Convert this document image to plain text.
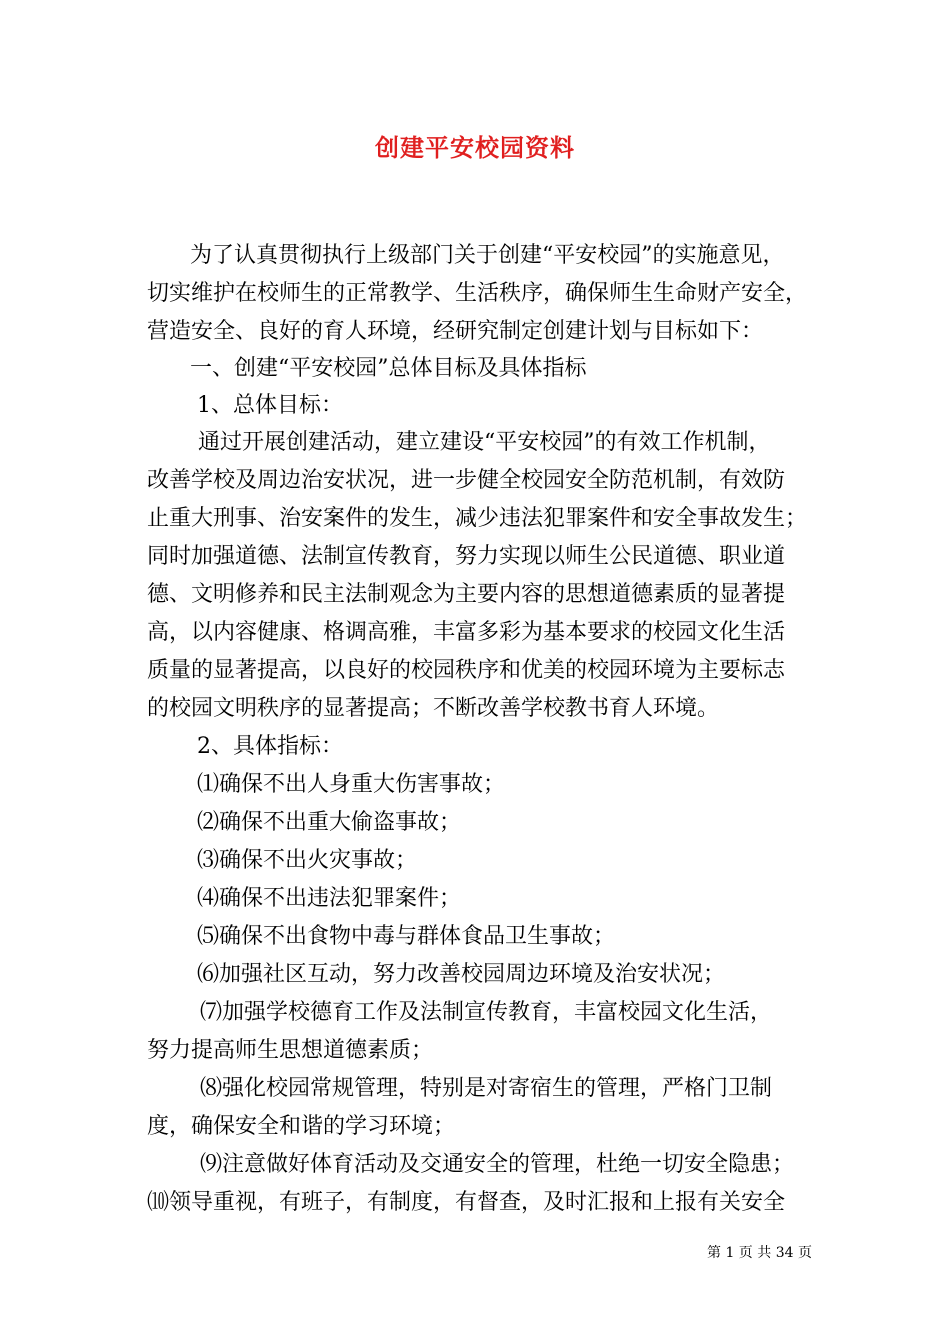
创建平安校园资料

为了认真贯彻执行上级部门关于创建“平安校园”的实施意见，

切实维护在校师生的正常教学、生活秩序，确保师生生命财产安全，

营造安全、良好的育人环境，经研究制定创建计划与目标如下：

一、创建“平安校园”总体目标及具体指标

1、总体目标：

通过开展创建活动，建立建设“平安校园”的有效工作机制，

改善学校及周边治安状况，进一步健全校园安全防范机制，有效防

止重大刑事、治安案件的发生，减少违法犯罪案件和安全事故发生；

同时加强道德、法制宣传教育，努力实现以师生公民道德、职业道

德、文明修养和民主法制观念为主要内容的思想道德素质的显著提

高，以内容健康、格调高雅，丰富多彩为基本要求的校园文化生活

质量的显著提高，以良好的校园秩序和优美的校园环境为主要标志

的校园文明秩序的显著提高；不断改善学校教书育人环境。

2、具体指标：

⑴确保不出人身重大伤害事故；

⑵确保不出重大偷盗事故；

⑶确保不出火灾事故；

⑷确保不出违法犯罪案件；

⑸确保不出食物中毒与群体食品卫生事故；

⑹加强社区互动，努力改善校园周边环境及治安状况；

⑺加强学校德育工作及法制宣传教育，丰富校园文化生活，

努力提高师生思想道德素质；

⑻强化校园常规管理，特别是对寄宿生的管理，严格门卫制

度，确保安全和谐的学习环境；

⑼注意做好体育活动及交通安全的管理，杜绝一切安全隐患；

⑽领导重视，有班子，有制度，有督查，及时汇报和上报有关安全

第 1 页 共 34 页
